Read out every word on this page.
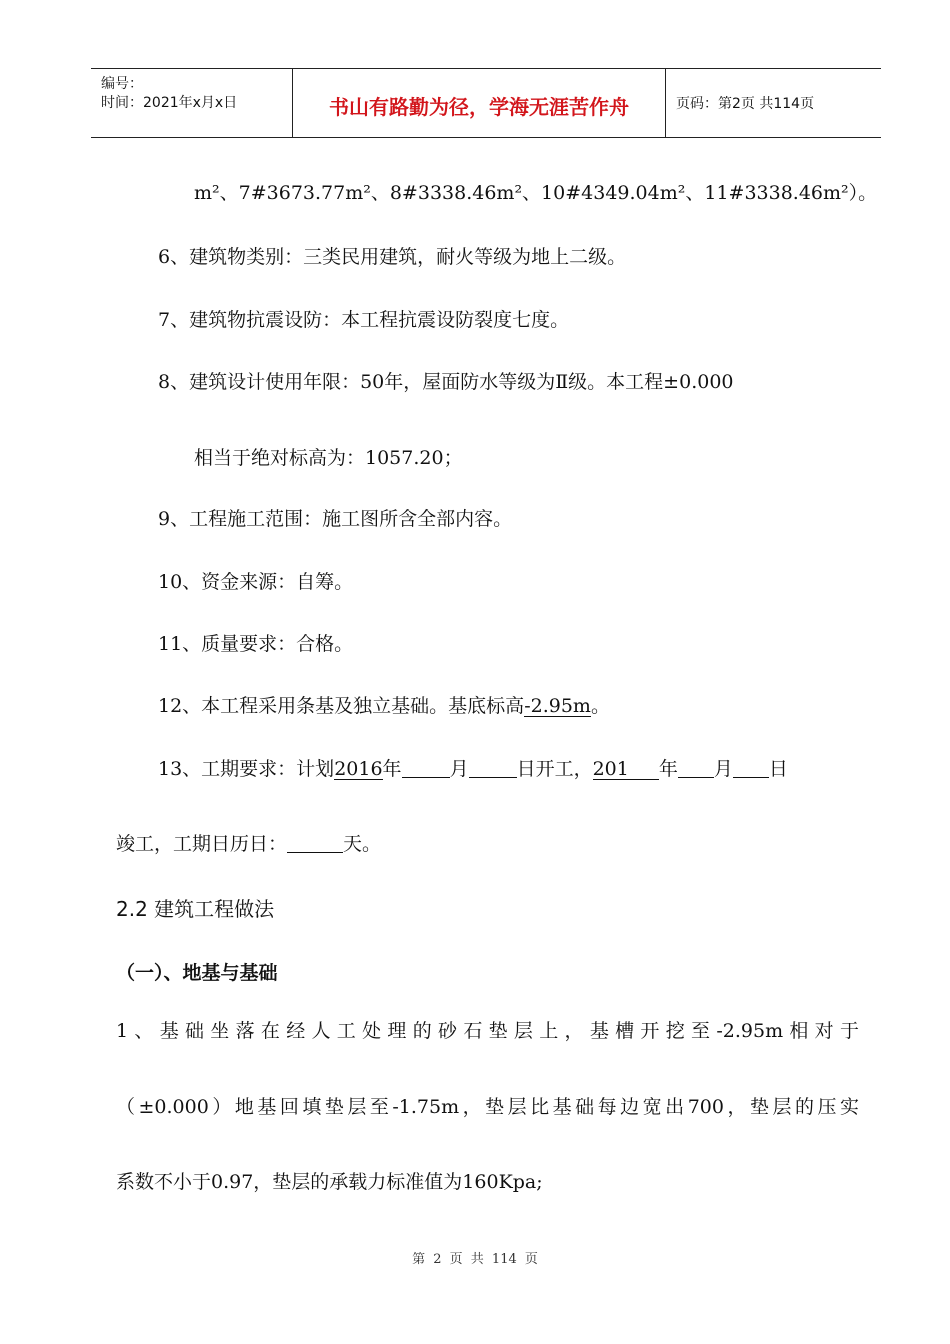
编号：
时间：2021年x月x日	书山有路勤为径，学海无涯苦作舟	页码：第2页 共114页
m²、7#3673.77m²、8#3338.46m²、10#4349.04m²、11#3338.46m²）。
6、建筑物类别：三类民用建筑，耐火等级为地上二级。
7、建筑物抗震设防：本工程抗震设防裂度七度。
8、建筑设计使用年限：50年，屋面防水等级为Ⅱ级。本工程±0.000
相当于绝对标高为：1057.20；
9、工程施工范围：施工图所含全部内容。
10、资金来源：自筹。
11、质量要求：合格。
12、本工程采用条基及独立基础。基底标高-2.95m。
13、工期要求：计划2016年	月	日开工，201 年 月 日
竣工，工期日历日：	天。
2.2 建筑工程做法
（一）、地基与基础
1、基础坐落在经人工处理的砂石垫层上，基槽开挖至-2.95m相对于
（±0.000）地基回填垫层至-1.75m，垫层比基础每边宽出700，垫层的压实
系数不小于0.97，垫层的承载力标准值为160Kpa;
第 2 页 共 114 页
